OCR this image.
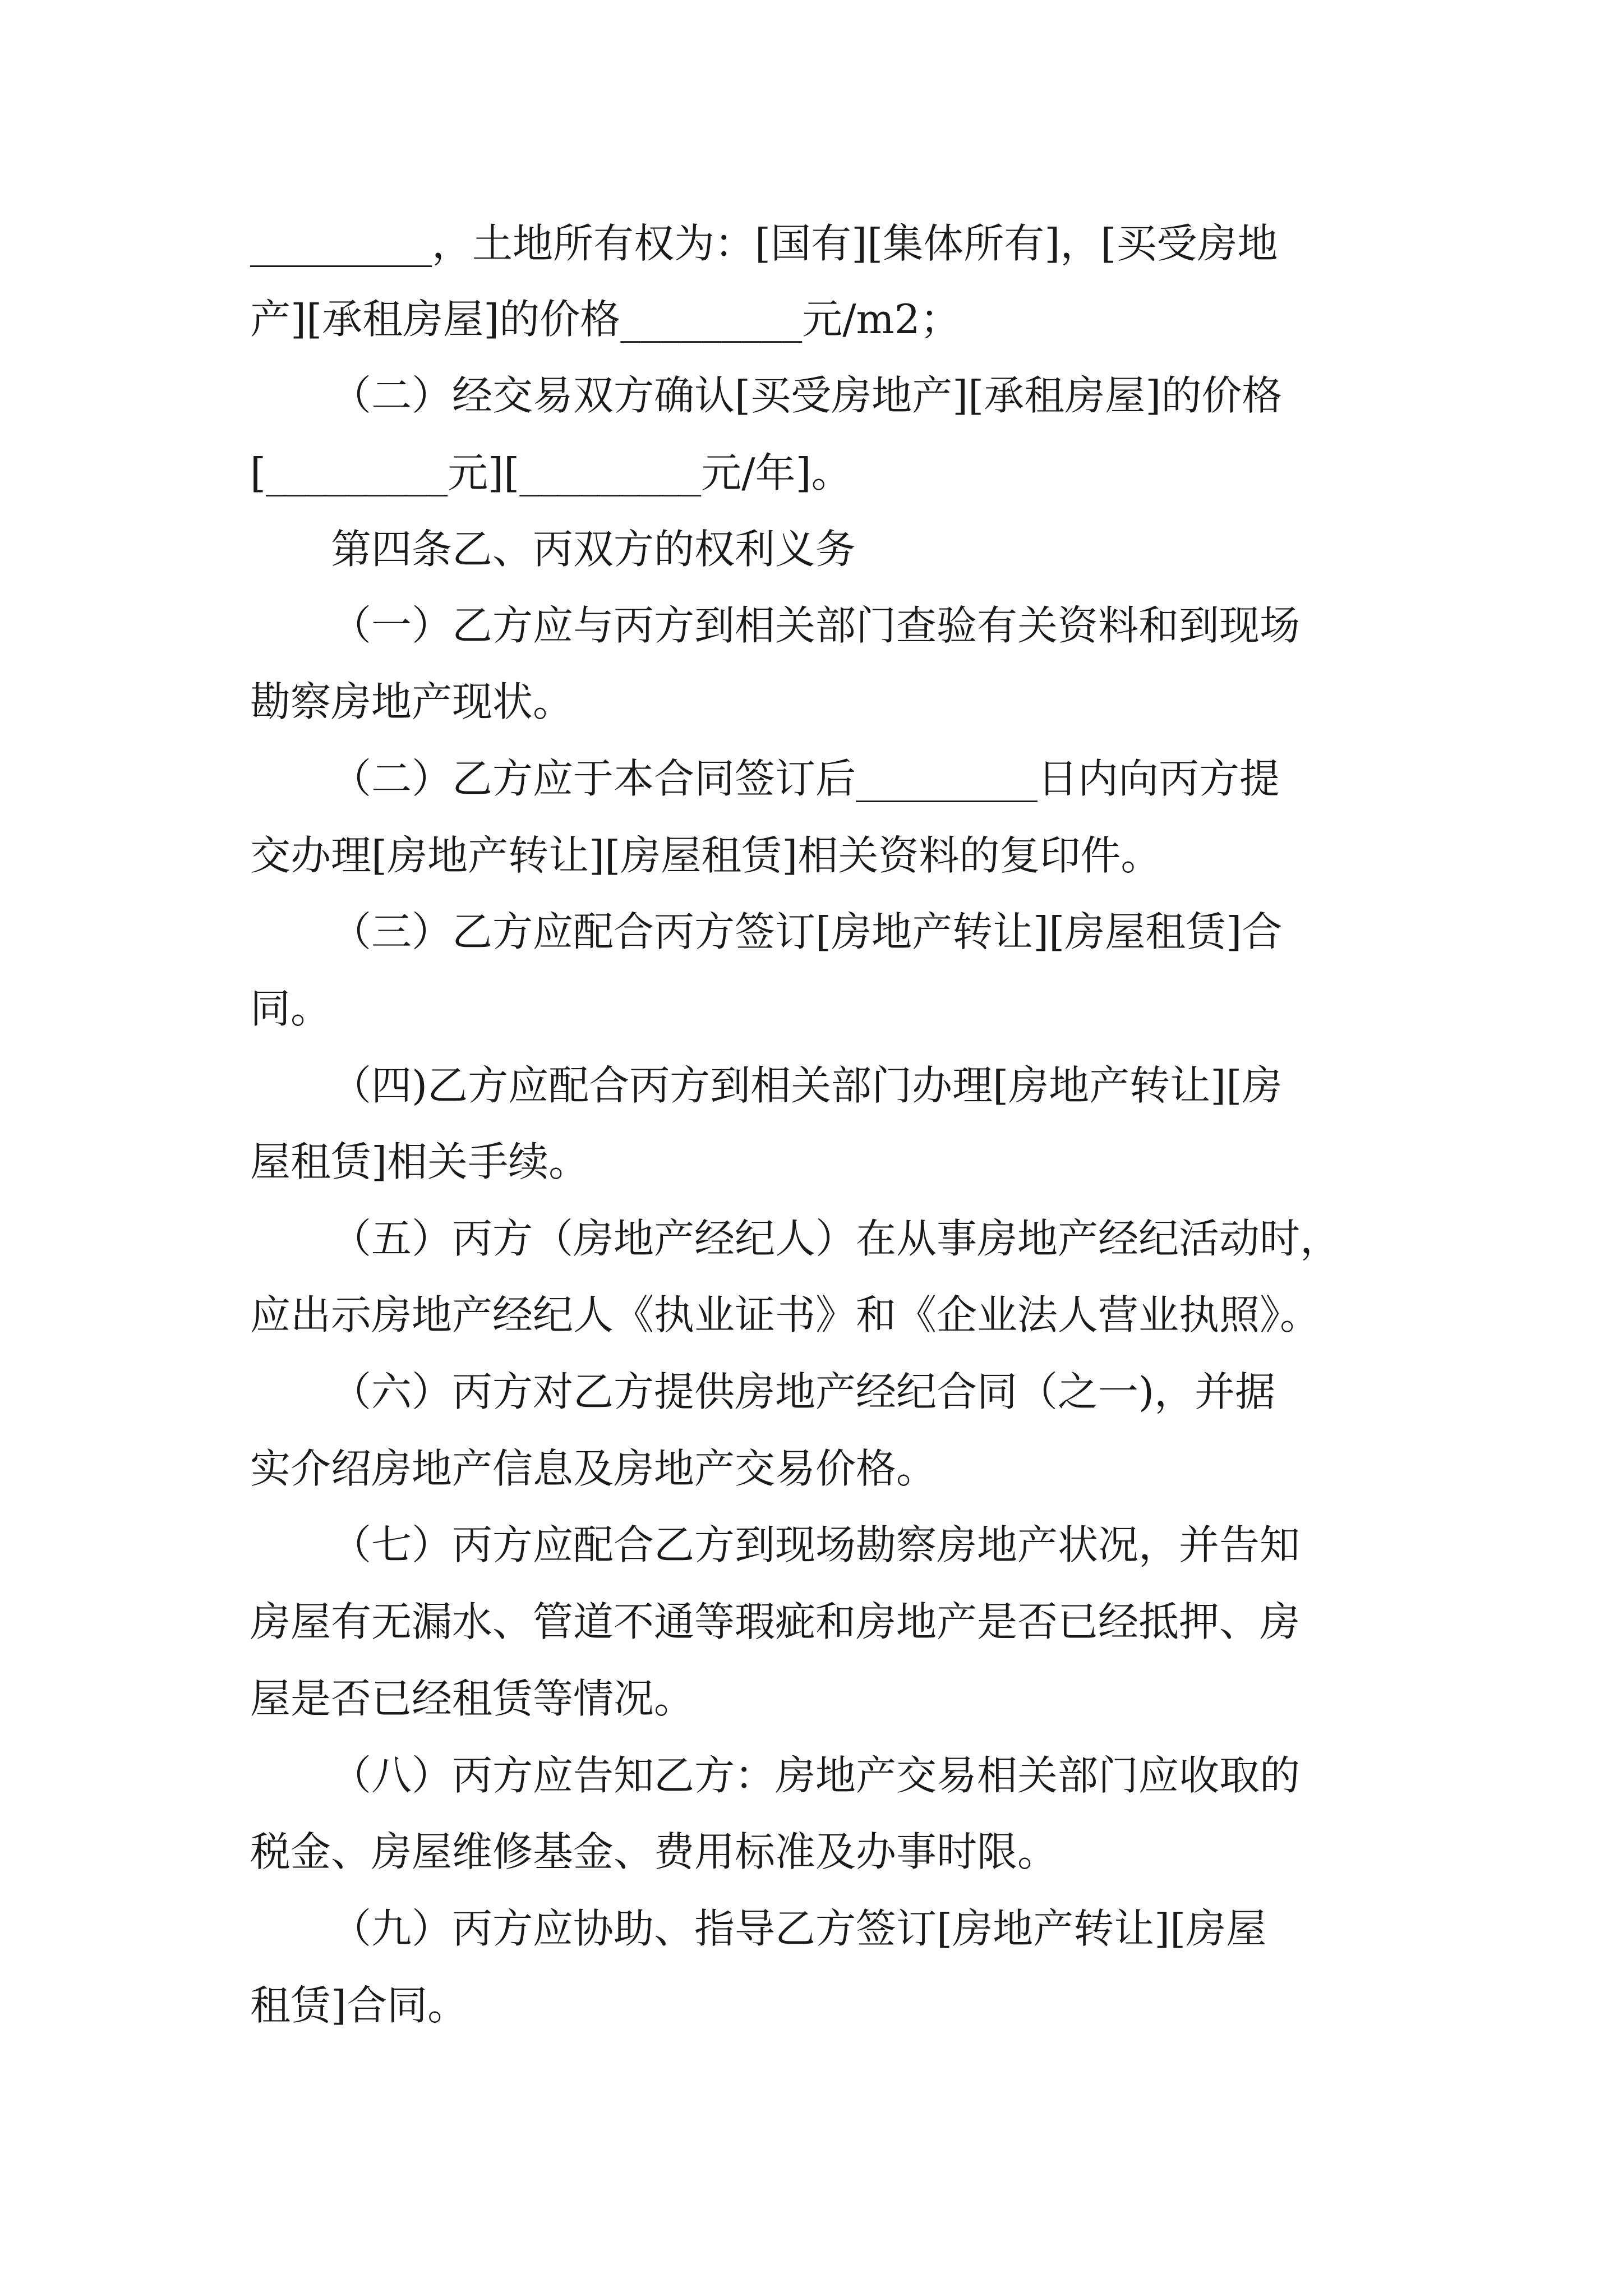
_________，土地所有权为：[国有][集体所有]，[买受房地
产][承租房屋]的价格_________元/m2；
（二）经交易双方确认[买受房地产][承租房屋]的价格
[_________元][_________元/年]。
第四条乙、丙双方的权利义务
（一）乙方应与丙方到相关部门查验有关资料和到现场
勘察房地产现状。
（二）乙方应于本合同签订后_________日内向丙方提
交办理[房地产转让][房屋租赁]相关资料的复印件。
（三）乙方应配合丙方签订[房地产转让][房屋租赁]合
同。
（四)乙方应配合丙方到相关部门办理[房地产转让][房
屋租赁]相关手续。
（五）丙方（房地产经纪人）在从事房地产经纪活动时，
应出示房地产经纪人《执业证书》和《企业法人营业执照》。
（六）丙方对乙方提供房地产经纪合同（之一)，并据
实介绍房地产信息及房地产交易价格。
（七）丙方应配合乙方到现场勘察房地产状况，并告知
房屋有无漏水、管道不通等瑕疵和房地产是否已经抵押、房
屋是否已经租赁等情况。
（八）丙方应告知乙方：房地产交易相关部门应收取的
税金、房屋维修基金、费用标准及办事时限。
（九）丙方应协助、指导乙方签订[房地产转让][房屋
租赁]合同。
